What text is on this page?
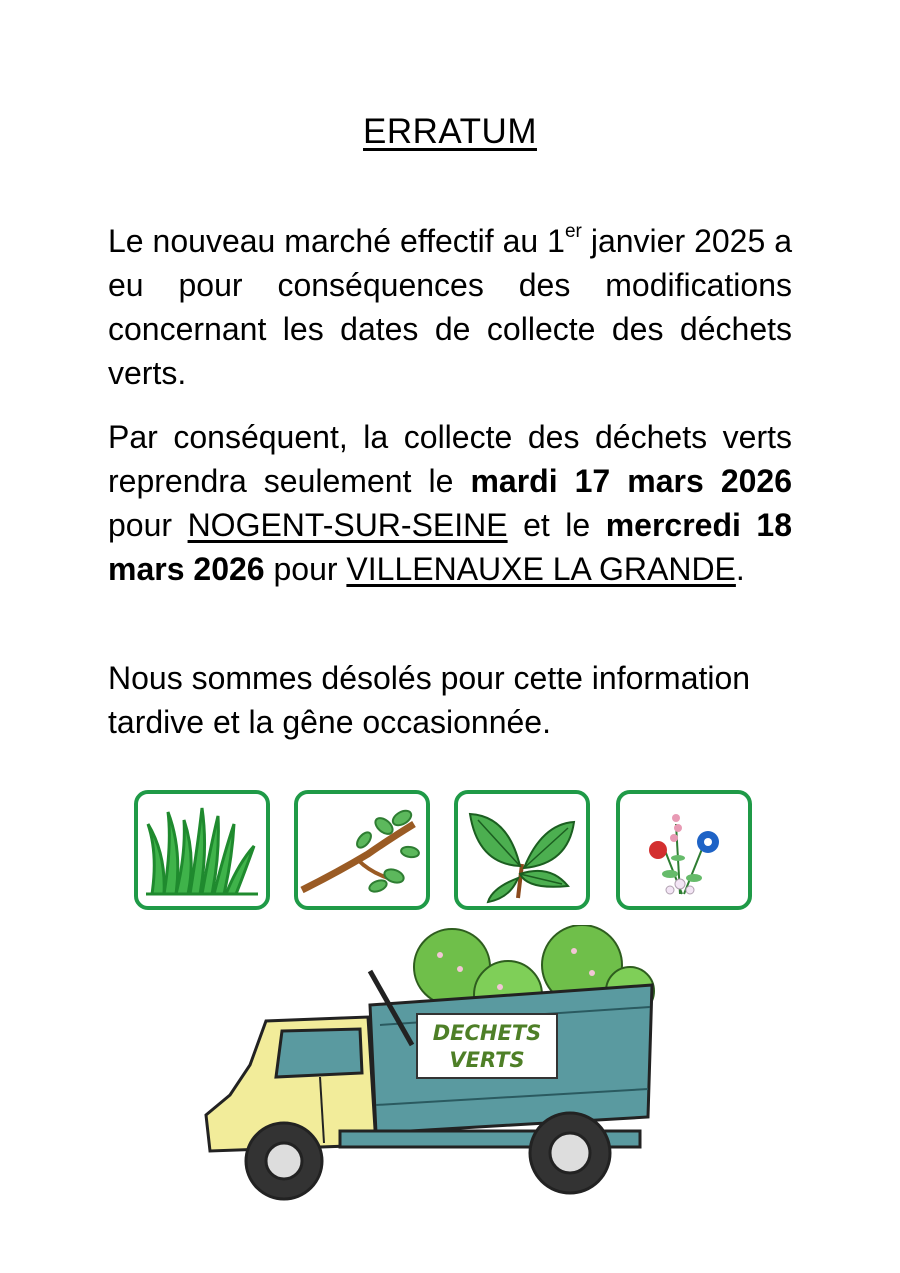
ERRATUM

Le nouveau marché effectif au 1er janvier 2025 a eu pour conséquences des modifications concernant les dates de collecte des déchets verts.

Par conséquent, la collecte des déchets verts reprendra seulement le mardi 17 mars 2026 pour NOGENT-SUR-SEINE et le mercredi 18 mars 2026 pour VILLENAUXE LA GRANDE.

Nous sommes désolés pour cette information tardive et la gêne occasionnée.

DECHETS
VERTS
